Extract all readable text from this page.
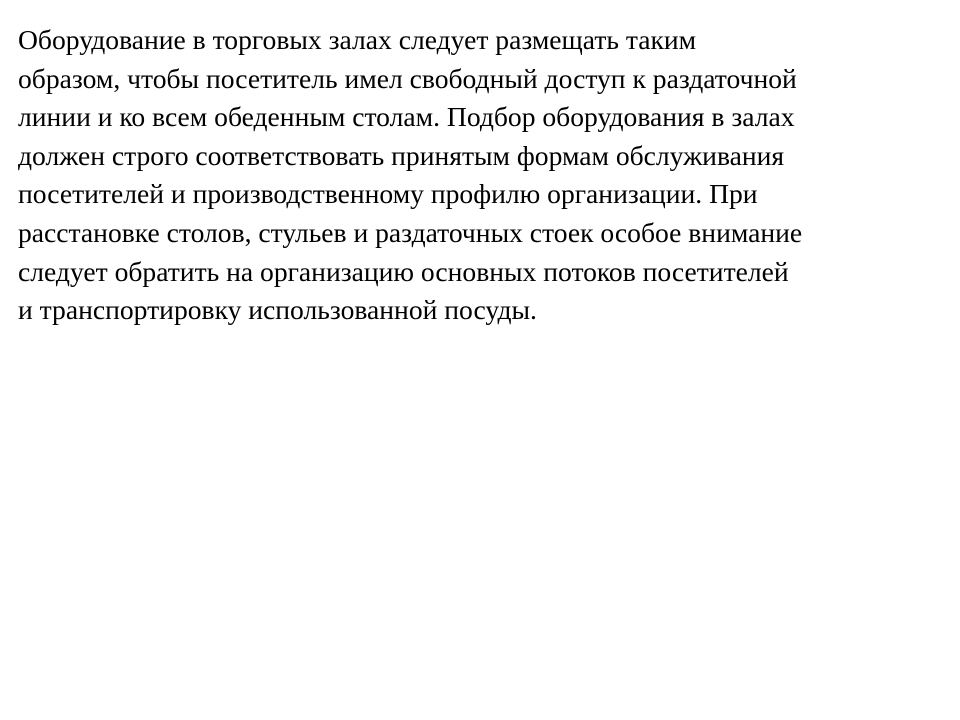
Оборудование в торговых залах следует размещать таким
образом, чтобы посетитель имел свободный доступ к раздаточной
линии и ко всем обеденным столам. Подбор оборудования в залах
должен строго соответствовать принятым формам обслуживания
посетителей и производственному профилю организации. При
расстановке столов, стульев и раздаточных стоек особое внимание
следует обратить на организацию основных потоков посетителей
и транспортировку использованной посуды.
